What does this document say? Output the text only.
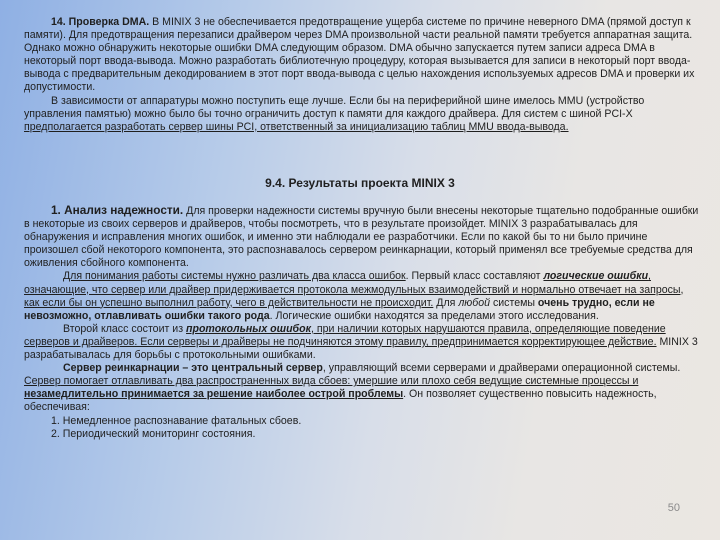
14. Проверка DMA. В MINIX 3 не обеспечивается предотвращение ущерба системе по причине неверного DMA (прямой доступ к памяти). Для предотвращения перезаписи драйвером через DMA произвольной части реальной памяти требуется аппаратная защита. Однако можно обнаружить некоторые ошибки DMA следующим образом. DMA обычно запускается путем записи адреса DMA в некоторый порт ввода-вывода. Можно разработать библиотечную процедуру, которая вызывается для записи в некоторый порт ввода-вывода с предварительным декодированием в этот порт ввода-вывода с целью нахождения используемых адресов DMA и проверки их допустимости.

В зависимости от аппаратуры можно поступить еще лучше. Если бы на периферийной шине имелось MMU (устройство управления памятью) можно было бы точно ограничить доступ к памяти для каждого драйвера. Для систем с шиной PCI-X предполагается разработать сервер шины PCI, ответственный за инициализацию таблиц MMU ввода-вывода.

9.4. Результаты проекта MINIX 3

1. Анализ надежности. Для проверки надежности системы вручную были внесены некоторые тщательно подобранные ошибки в некоторые из своих серверов и драйверов, чтобы посмотреть, что в результате произойдет. MINIX 3 разрабатывалась для обнаружения и исправления многих ошибок, и именно эти наблюдали ее разработчики. Если по какой бы то ни было причине произошел сбой некоторого компонента, это распознавалось сервером реинкарнации, который применял все требуемые средства для оживления сбойного компонента.

Для понимания работы системы нужно различать два класса ошибок. Первый класс составляют логические ошибки, означающие, что сервер или драйвер придерживается протокола межмодульных взаимодействий и нормально отвечает на запросы, как если бы он успешно выполнил работу, чего в действительности не происходит. Для любой системы очень трудно, если не невозможно, отлавливать ошибки такого рода. Логические ошибки находятся за пределами этого исследования.

Второй класс состоит из протокольных ошибок, при наличии которых нарушаются правила, определяющие поведение серверов и драйверов. Если серверы и драйверы не подчиняются этому правилу, предпринимается корректирующее действие. MINIX 3 разрабатывалась для борьбы с протокольными ошибками.

Сервер реинкарнации – это центральный сервер, управляющий всеми серверами и драйверами операционной системы. Сервер помогает отлавливать два распространенных вида сбоев: умершие или плохо себя ведущие системные процессы и незамедлительно принимается за решение наиболее острой проблемы. Он позволяет существенно повысить надежность, обеспечивая:

1. Немедленное распознавание фатальных сбоев.
2. Периодический мониторинг состояния.
50
